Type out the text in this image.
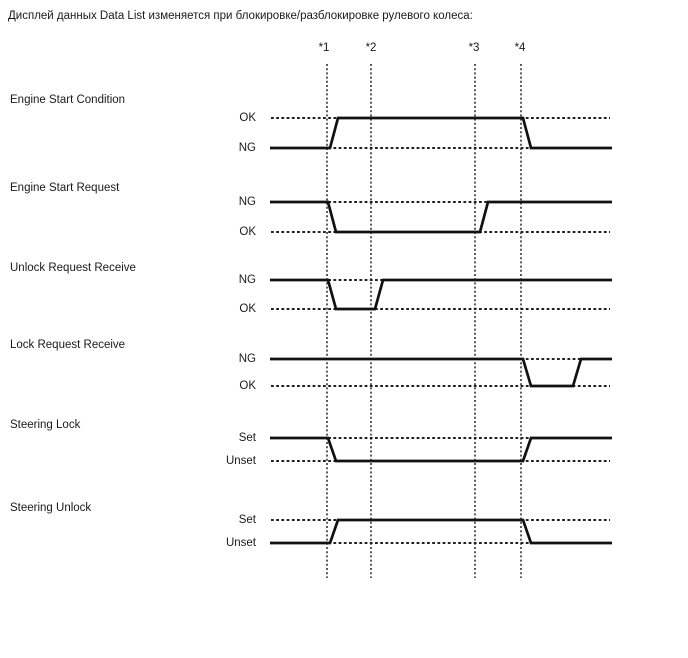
Дисплей данных Data List изменяется при блокировке/разблокировке рулевого колеса:
*1	*2	*3	*4
Engine Start Condition
OK
NG
Engine Start Request
NG
OK
Unlock Request Receive
NG
OK
Lock Request Receive
NG
OK
Steering Lock
Set
Unset
Steering Unlock
Set
Unset
